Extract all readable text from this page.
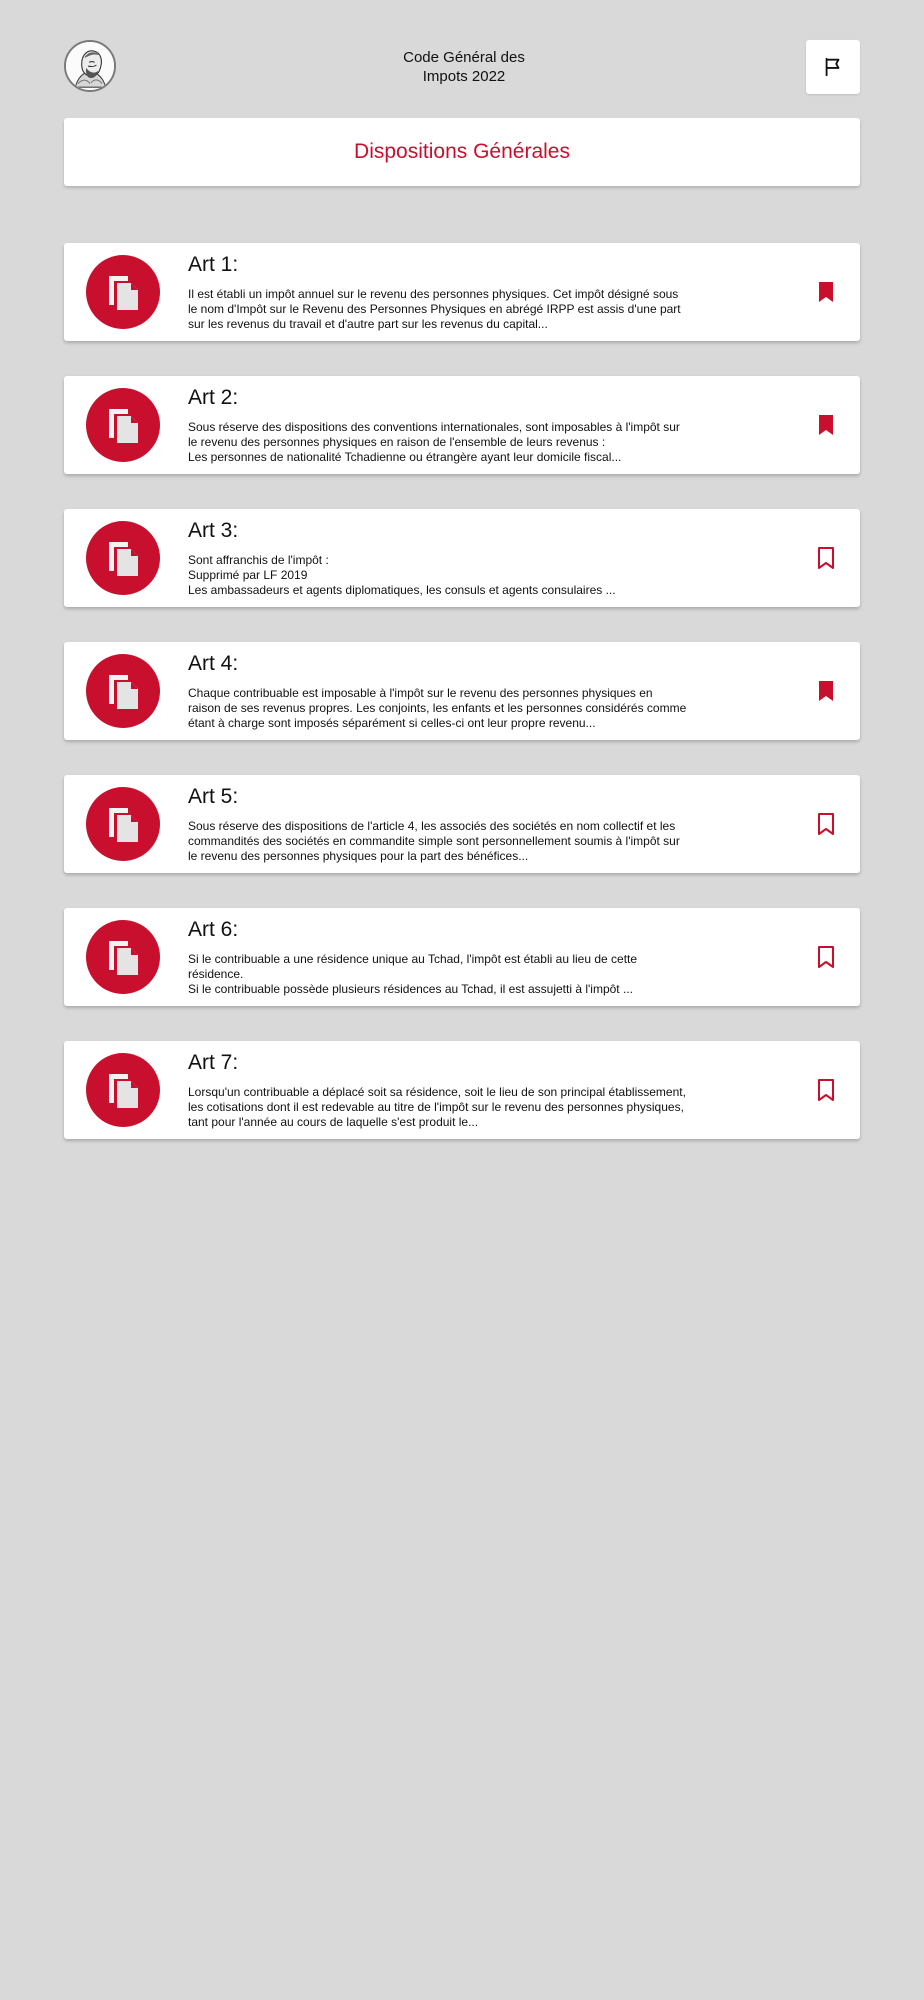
Code Général des Impots 2022
Dispositions Générales
Art 1:
Il est établi un impôt annuel sur le revenu des personnes physiques. Cet impôt désigné sous le nom d'Impôt sur le Revenu des Personnes Physiques en abrégé IRPP est assis d'une part sur les revenus du travail et d'autre part sur les revenus du capital...
Art 2:
Sous réserve des dispositions des conventions internationales, sont imposables à l'impôt sur le revenu des personnes physiques en raison de l'ensemble de leurs revenus :
Les personnes de nationalité Tchadienne ou étrangère ayant leur domicile fiscal...
Art 3:
Sont affranchis de l'impôt :
Supprimé par LF 2019
Les ambassadeurs et agents diplomatiques, les consuls et agents consulaires ...
Art 4:
Chaque contribuable est imposable à l'impôt sur le revenu des personnes physiques en raison de ses revenus propres. Les conjoints, les enfants et les personnes considérés comme étant à charge sont imposés séparément si celles-ci ont leur propre revenu...
Art 5:
Sous réserve des dispositions de l'article 4, les associés des sociétés en nom collectif et les commandités des sociétés en commandite simple sont personnellement soumis à l'impôt sur le revenu des personnes physiques pour la part des bénéfices...
Art 6:
Si le contribuable a une résidence unique au Tchad, l'impôt est établi au lieu de cette résidence.
Si le contribuable possède plusieurs résidences au Tchad, il est assujetti à l'impôt ...
Art 7:
Lorsqu'un contribuable a déplacé soit sa résidence, soit le lieu de son principal établissement, les cotisations dont il est redevable au titre de l'impôt sur le revenu des personnes physiques, tant pour l'année au cours de laquelle s'est produit le...
